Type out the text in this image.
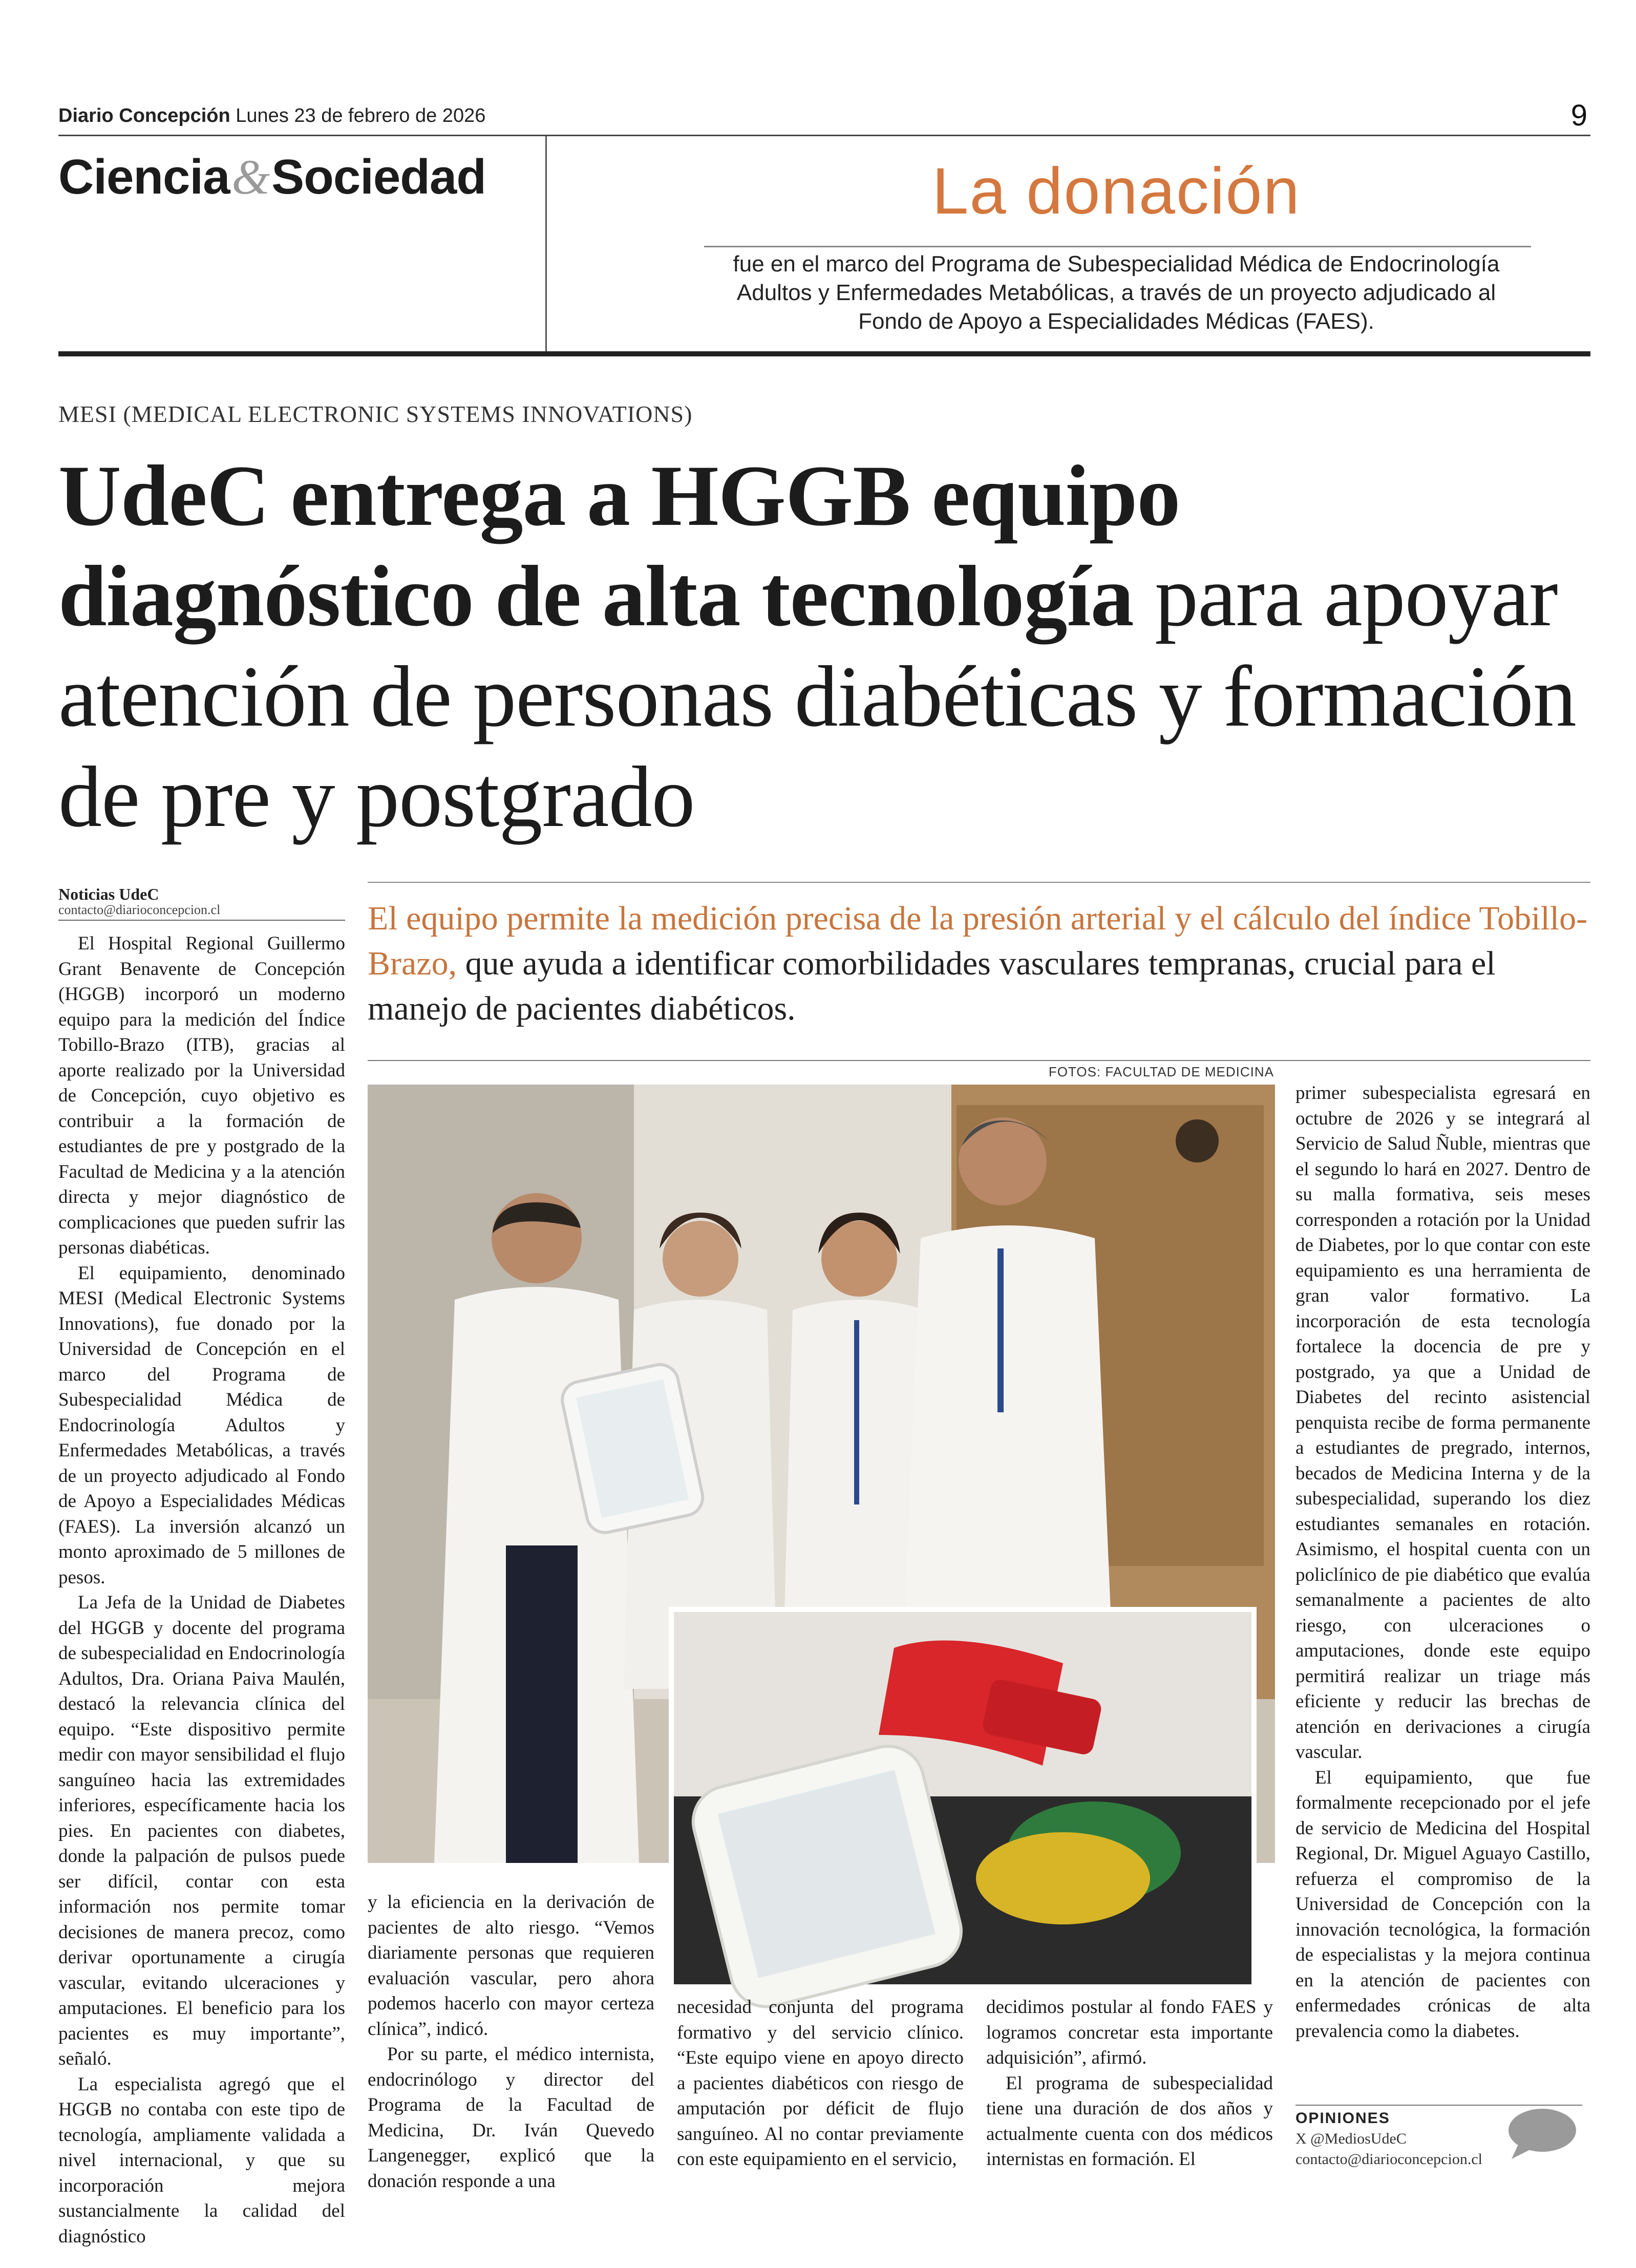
Diario Concepción Lunes 23 de febrero de 2026	9
Ciencia&Sociedad	La donación
fue en el marco del Programa de Subespecialidad Médica de Endocrinología Adultos y Enfermedades Metabólicas, a través de un proyecto adjudicado al Fondo de Apoyo a Especialidades Médicas (FAES).
MESI (MEDICAL ELECTRONIC SYSTEMS INNOVATIONS)
UdeC entrega a HGGB equipo diagnóstico de alta tecnología para apoyar atención de personas diabéticas y formación de pre y postgrado
Noticias UdeC
contacto@diarioconcepcion.cl	El equipo permite la medición precisa de la presión arterial y el cálculo del índice Tobillo-Brazo, que ayuda a identificar comorbilidades vasculares tempranas, crucial para el manejo de pacientes diabéticos.
FOTOS: FACULTAD DE MEDICINA

El Hospital Regional Guillermo Grant Benavente de Concepción (HGGB) incorporó un moderno equipo para la medición del Índice Tobillo-Brazo (ITB), gracias al aporte realizado por la Universidad de Concepción, cuyo objetivo es contribuir a la formación de estudiantes de pre y postgrado de la Facultad de Medicina y a la atención directa y mejor diagnóstico de complicaciones que pueden sufrir las personas diabéticas.

El equipamiento, denominado MESI (Medical Electronic Systems Innovations), fue donado por la Universidad de Concepción en el marco del Programa de Subespecialidad Médica de Endocrinología Adultos y Enfermedades Metabólicas, a través de un proyecto adjudicado al Fondo de Apoyo a Especialidades Médicas (FAES). La inversión alcanzó un monto aproximado de 5 millones de pesos.

La Jefa de la Unidad de Diabetes del HGGB y docente del programa de subespecialidad en Endocrinología Adultos, Dra. Oriana Paiva Maulén, destacó la relevancia clínica del equipo. “Este dispositivo permite medir con mayor sensibilidad el flujo sanguíneo hacia las extremidades inferiores, específicamente hacia los pies. En pacientes con diabetes, donde la palpación de pulsos puede ser difícil, contar con esta información nos permite tomar decisiones de manera precoz, como derivar oportunamente a cirugía vascular, evitando ulceraciones y amputaciones. El beneficio para los pacientes es muy importante”, señaló.

La especialista agregó que el HGGB no contaba con este tipo de tecnología, ampliamente validada a nivel internacional, y que su incorporación mejora sustancialmente la calidad del diagnóstico

y la eficiencia en la derivación de pacientes de alto riesgo. “Vemos diariamente personas que requieren evaluación vascular, pero ahora podemos hacerlo con mayor certeza clínica”, indicó.

Por su parte, el médico internista, endocrinólogo y director del Programa de la Facultad de Medicina, Dr. Iván Quevedo Langenegger, explicó que la donación responde a una

necesidad conjunta del programa formativo y del servicio clínico. “Este equipo viene en apoyo directo a pacientes diabéticos con riesgo de amputación por déficit de flujo sanguíneo. Al no contar previamente con este equipamiento en el servicio,

decidimos postular al fondo FAES y logramos concretar esta importante adquisición”, afirmó.

El programa de subespecialidad tiene una duración de dos años y actualmente cuenta con dos médicos internistas en formación. El

primer subespecialista egresará en octubre de 2026 y se integrará al Servicio de Salud Ñuble, mientras que el segundo lo hará en 2027. Dentro de su malla formativa, seis meses corresponden a rotación por la Unidad de Diabetes, por lo que contar con este equipamiento es una herramienta de gran valor formativo. La incorporación de esta tecnología fortalece la docencia de pre y postgrado, ya que a Unidad de Diabetes del recinto asistencial penquista recibe de forma permanente a estudiantes de pregrado, internos, becados de Medicina Interna y de la subespecialidad, superando los diez estudiantes semanales en rotación. Asimismo, el hospital cuenta con un policlínico de pie diabético que evalúa semanalmente a pacientes de alto riesgo, con ulceraciones o amputaciones, donde este equipo permitirá realizar un triage más eficiente y reducir las brechas de atención en derivaciones a cirugía vascular.

El equipamiento, que fue formalmente recepcionado por el jefe de servicio de Medicina del Hospital Regional, Dr. Miguel Aguayo Castillo, refuerza el compromiso de la Universidad de Concepción con la innovación tecnológica, la formación de especialistas y la mejora continua en la atención de pacientes con enfermedades crónicas de alta prevalencia como la diabetes.

OPINIONES
X @MediosUdeC
contacto@diarioconcepcion.cl
